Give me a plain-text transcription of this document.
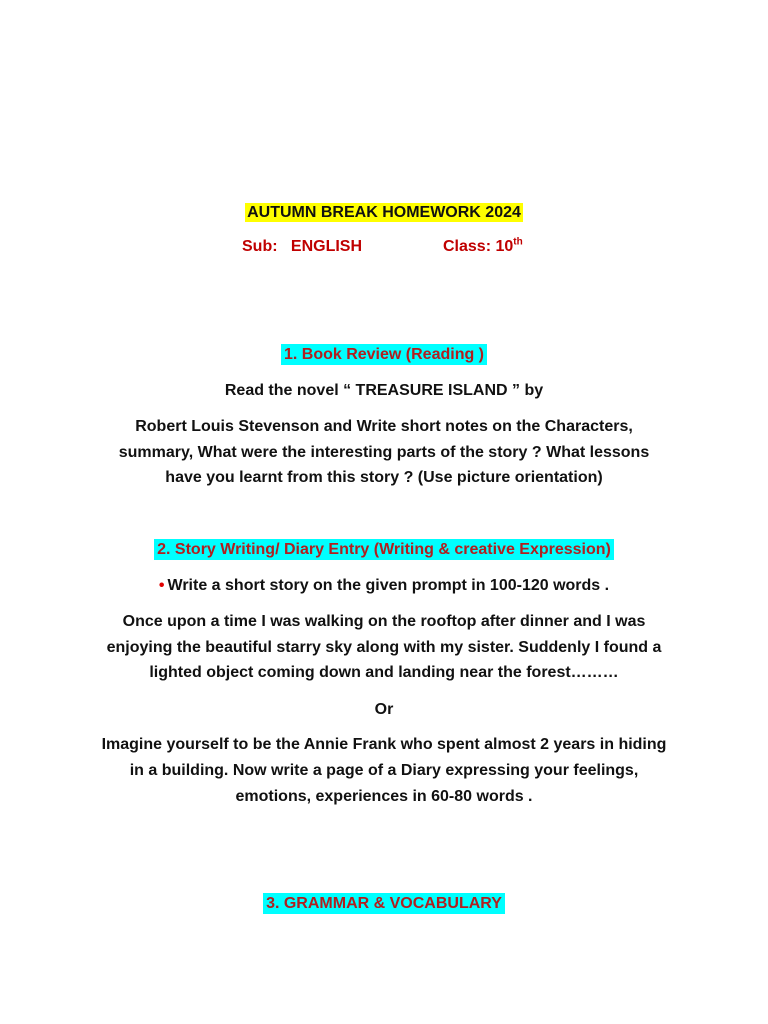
AUTUMN BREAK HOMEWORK 2024
Sub: ENGLISH	Class: 10th
1. Book Review (Reading )
Read the novel “ TREASURE ISLAND ” by
Robert Louis Stevenson and Write short notes on the Characters,
summary, What were the interesting parts of the story ? What lessons
have you learnt from this story ? (Use picture orientation)
2. Story Writing/ Diary Entry (Writing & creative Expression)
• Write a short story on the given prompt in 100-120 words .
Once upon a time I was walking on the rooftop after dinner and I was
enjoying the beautiful starry sky along with my sister. Suddenly I found a
lighted object coming down and landing near the forest………
Or
Imagine yourself to be the Annie Frank who spent almost 2 years in hiding
in a building. Now write a page of a Diary expressing your feelings,
emotions, experiences in 60-80 words .
3. GRAMMAR & VOCABULARY
